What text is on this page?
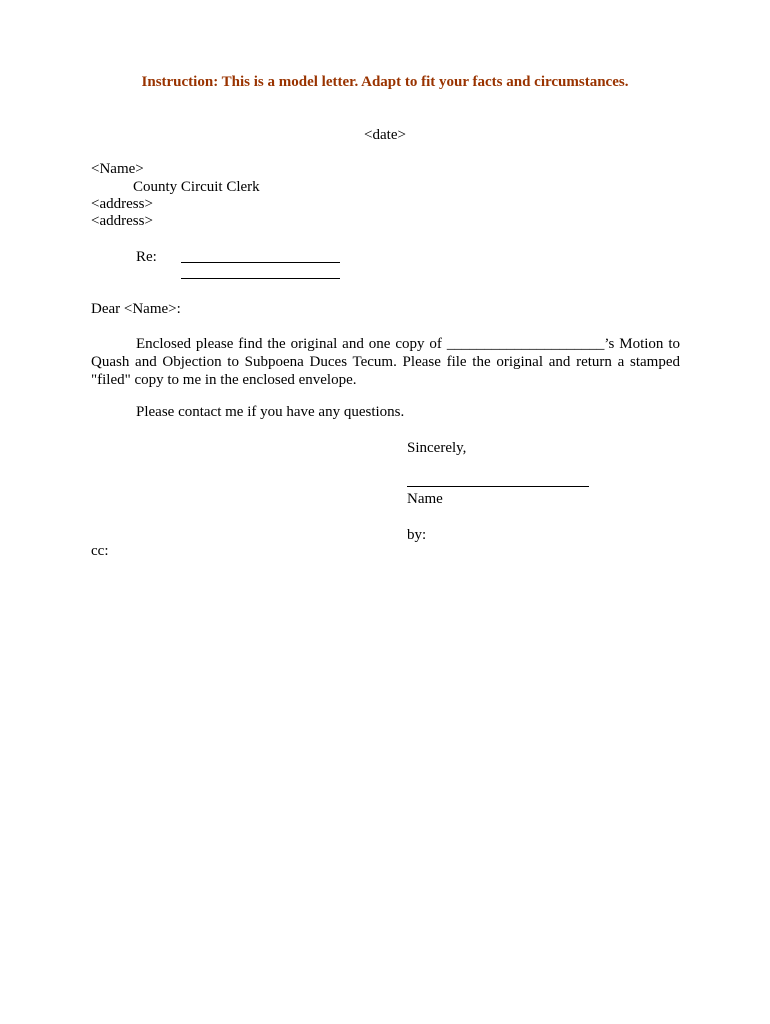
Instruction: This is a model letter. Adapt to fit your facts and circumstances.
<date>
<Name>
County Circuit Clerk
<address>
<address>
Re:
Dear <Name>:
Enclosed please find the original and one copy of _____________________’s Motion to Quash and Objection to Subpoena Duces Tecum. Please file the original and return a stamped "filed" copy to me in the enclosed envelope.
Please contact me if you have any questions.
Sincerely,
Name
by:
cc:
